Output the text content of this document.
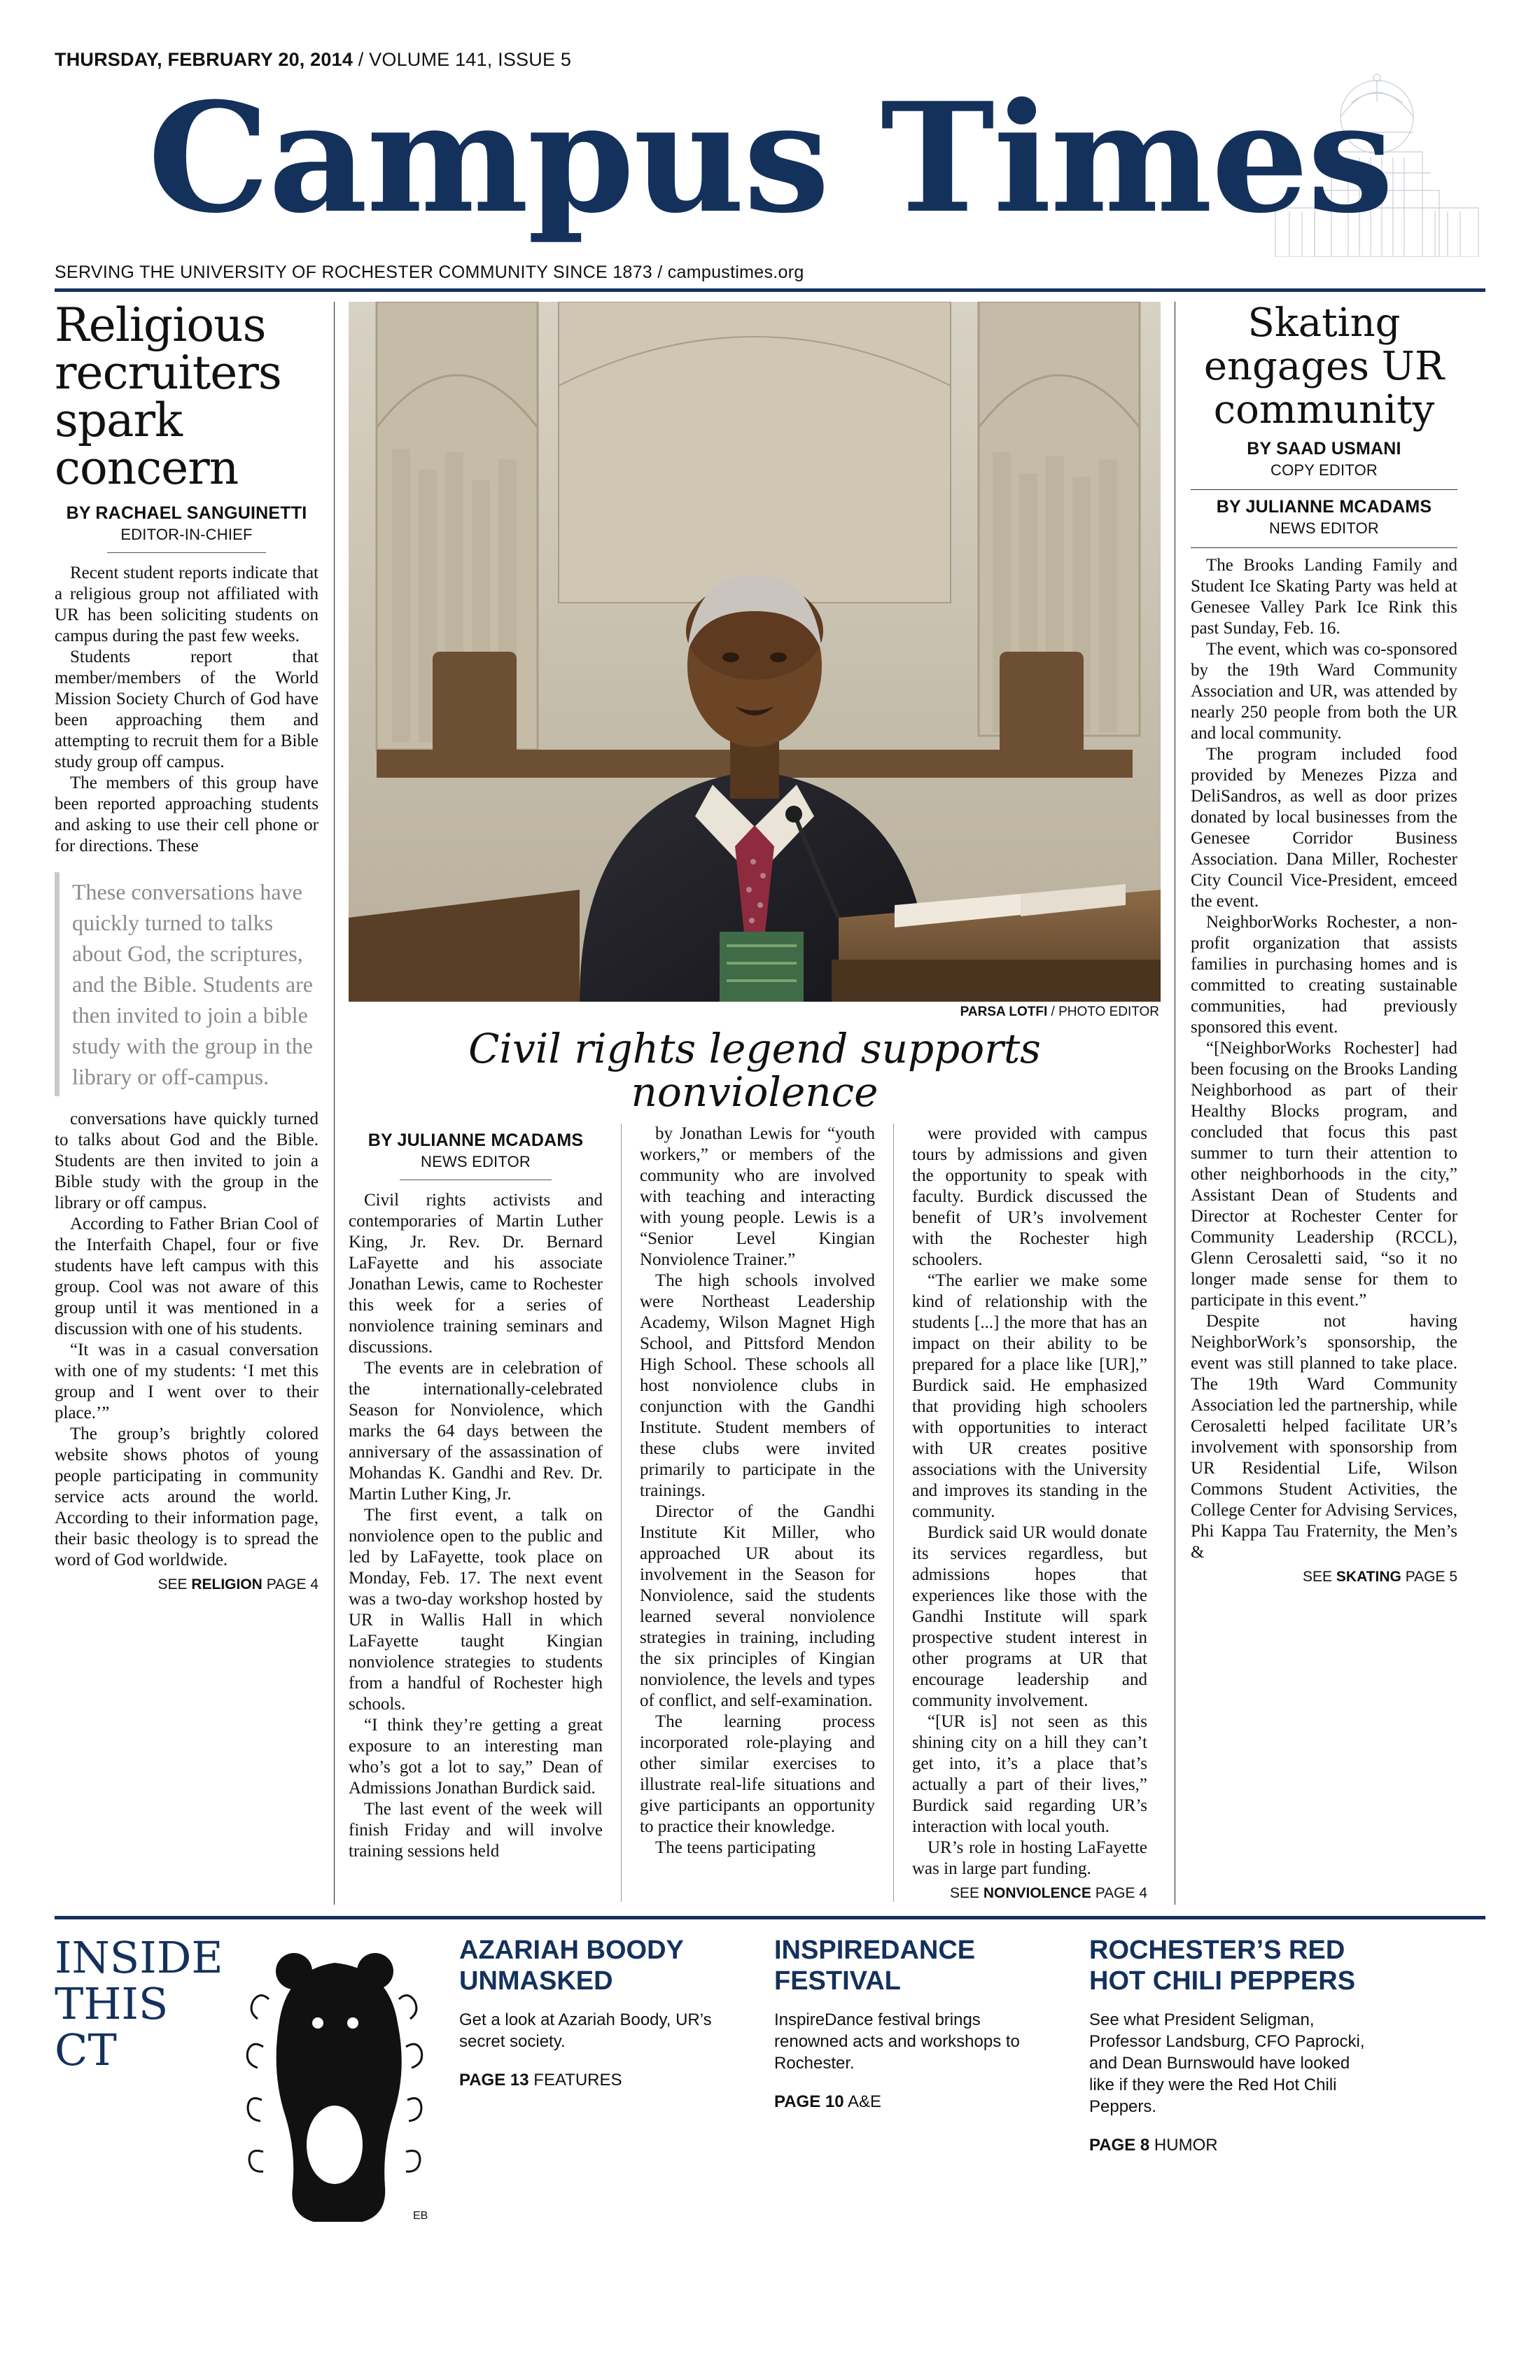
THURSDAY, FEBRUARY 20, 2014 / VOLUME 141, ISSUE 5
Campus Times
SERVING THE UNIVERSITY OF ROCHESTER COMMUNITY SINCE 1873 / campustimes.org
Religious recruiters spark concern
BY RACHAEL SANGUINETTI
EDITOR-IN-CHIEF

Recent student reports indicate that a religious group not affiliated with UR has been soliciting students on campus during the past few weeks.

Students report that member/members of the World Mission Society Church of God have been approaching them and attempting to recruit them for a Bible study group off campus.

The members of this group have been reported approaching students and asking to use their cell phone or for directions. These

These conversations have quickly turned to talks about God, the scriptures, and the Bible. Students are then invited to join a bible study with the group in the library or off-campus.

conversations have quickly turned to talks about God and the Bible. Students are then invited to join a Bible study with the group in the library or off campus.

According to Father Brian Cool of the Interfaith Chapel, four or five students have left campus with this group. Cool was not aware of this group until it was mentioned in a discussion with one of his students.

“It was in a casual conversation with one of my students: ‘I met this group and I went over to their place.’”

The group’s brightly colored website shows photos of young people participating in community service acts around the world. According to their information page, their basic theology is to spread the word of God worldwide.

SEE RELIGION PAGE 4
PARSA LOTFI / PHOTO EDITOR
Civil rights legend supports nonviolence
BY JULIANNE MCADAMS
NEWS EDITOR

Civil rights activists and contemporaries of Martin Luther King, Jr. Rev. Dr. Bernard LaFayette and his associate Jonathan Lewis, came to Rochester this week for a series of nonviolence training seminars and discussions.

The events are in celebration of the internationally-celebrated Season for Nonviolence, which marks the 64 days between the anniversary of the assassination of Mohandas K. Gandhi and Rev. Dr. Martin Luther King, Jr.

The first event, a talk on nonviolence open to the public and led by LaFayette, took place on Monday, Feb. 17. The next event was a two-day workshop hosted by UR in Wallis Hall in which LaFayette taught Kingian nonviolence strategies to students from a handful of Rochester high schools.

“I think they’re getting a great exposure to an interesting man who’s got a lot to say,” Dean of Admissions Jonathan Burdick said.

The last event of the week will finish Friday and will involve training sessions held

by Jonathan Lewis for “youth workers,” or members of the community who are involved with teaching and interacting with young people. Lewis is a “Senior Level Kingian Nonviolence Trainer.”

The high schools involved were Northeast Leadership Academy, Wilson Magnet High School, and Pittsford Mendon High School. These schools all host nonviolence clubs in conjunction with the Gandhi Institute. Student members of these clubs were invited primarily to participate in the trainings.

Director of the Gandhi Institute Kit Miller, who approached UR about its involvement in the Season for Nonviolence, said the students learned several nonviolence strategies in training, including the six principles of Kingian nonviolence, the levels and types of conflict, and self-examination.

The learning process incorporated role-playing and other similar exercises to illustrate real-life situations and give participants an opportunity to practice their knowledge.

The teens participating

were provided with campus tours by admissions and given the opportunity to speak with faculty. Burdick discussed the benefit of UR’s involvement with the Rochester high schoolers.

“The earlier we make some kind of relationship with the students [...] the more that has an impact on their ability to be prepared for a place like [UR],” Burdick said. He emphasized that providing high schoolers with opportunities to interact with UR creates positive associations with the University and improves its standing in the community.

Burdick said UR would donate its services regardless, but admissions hopes that experiences like those with the Gandhi Institute will spark prospective student interest in other programs at UR that encourage leadership and community involvement.

“[UR is] not seen as this shining city on a hill they can’t get into, it’s a place that’s actually a part of their lives,” Burdick said regarding UR’s interaction with local youth.

UR’s role in hosting LaFayette was in large part funding.

SEE NONVIOLENCE PAGE 4
Skating engages UR community
BY SAAD USMANI
COPY EDITOR
BY JULIANNE MCADAMS
NEWS EDITOR

The Brooks Landing Family and Student Ice Skating Party was held at Genesee Valley Park Ice Rink this past Sunday, Feb. 16.

The event, which was co-sponsored by the 19th Ward Community Association and UR, was attended by nearly 250 people from both the UR and local community.

The program included food provided by Menezes Pizza and DeliSandros, as well as door prizes donated by local businesses from the Genesee Corridor Business Association. Dana Miller, Rochester City Council Vice-President, emceed the event.

NeighborWorks Rochester, a non-profit organization that assists families in purchasing homes and is committed to creating sustainable communities, had previously sponsored this event.

“[NeighborWorks Rochester] had been focusing on the Brooks Landing Neighborhood as part of their Healthy Blocks program, and concluded that focus this past summer to turn their attention to other neighborhoods in the city,” Assistant Dean of Students and Director at Rochester Center for Community Leadership (RCCL), Glenn Cerosaletti said, “so it no longer made sense for them to participate in this event.”

Despite not having NeighborWork’s sponsorship, the event was still planned to take place. The 19th Ward Community Association led the partnership, while Cerosaletti helped facilitate UR’s involvement with sponsorship from UR Residential Life, Wilson Commons Student Activities, the College Center for Advising Services, Phi Kappa Tau Fraternity, the Men’s &

SEE SKATING PAGE 5
INSIDE
THIS CT
EB
AZARIAH BOODY UNMASKED

Get a look at Azariah Boody, UR’s secret society.

PAGE 13 FEATURES
INSPIREDANCE FESTIVAL

InspireDance festival brings renowned acts and workshops to Rochester.

PAGE 10 A&E
ROCHESTER’S RED HOT CHILI PEPPERS

See what President Seligman, Professor Landsburg, CFO Paprocki, and Dean Burnswould have looked like if they were the Red Hot Chili Peppers.

PAGE 8 HUMOR
